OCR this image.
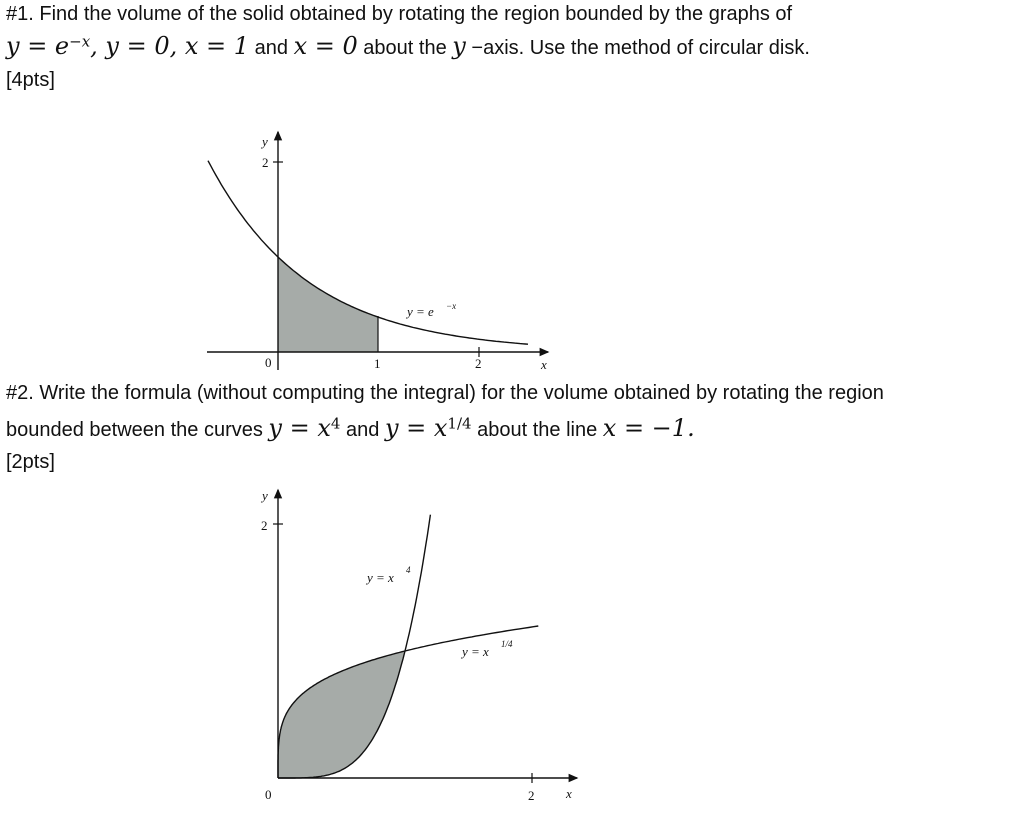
#1. Find the volume of the solid obtained by rotating the region bounded by the graphs of
$y = e^{-x}$, y = 0, x = 1 and x = 0 about the y −axis. Use the method of circular disk.
[4pts]
#2. Write the formula (without computing the integral) for the volume obtained by rotating the region
bounded between the curves $y = x^4$ and $y = x^{1/4}$ about the line x = −1.
[2pts]
y
2
0	1	2	x
y = e −x
y
2
0	2 x
y = x 4
y = x 1/4
